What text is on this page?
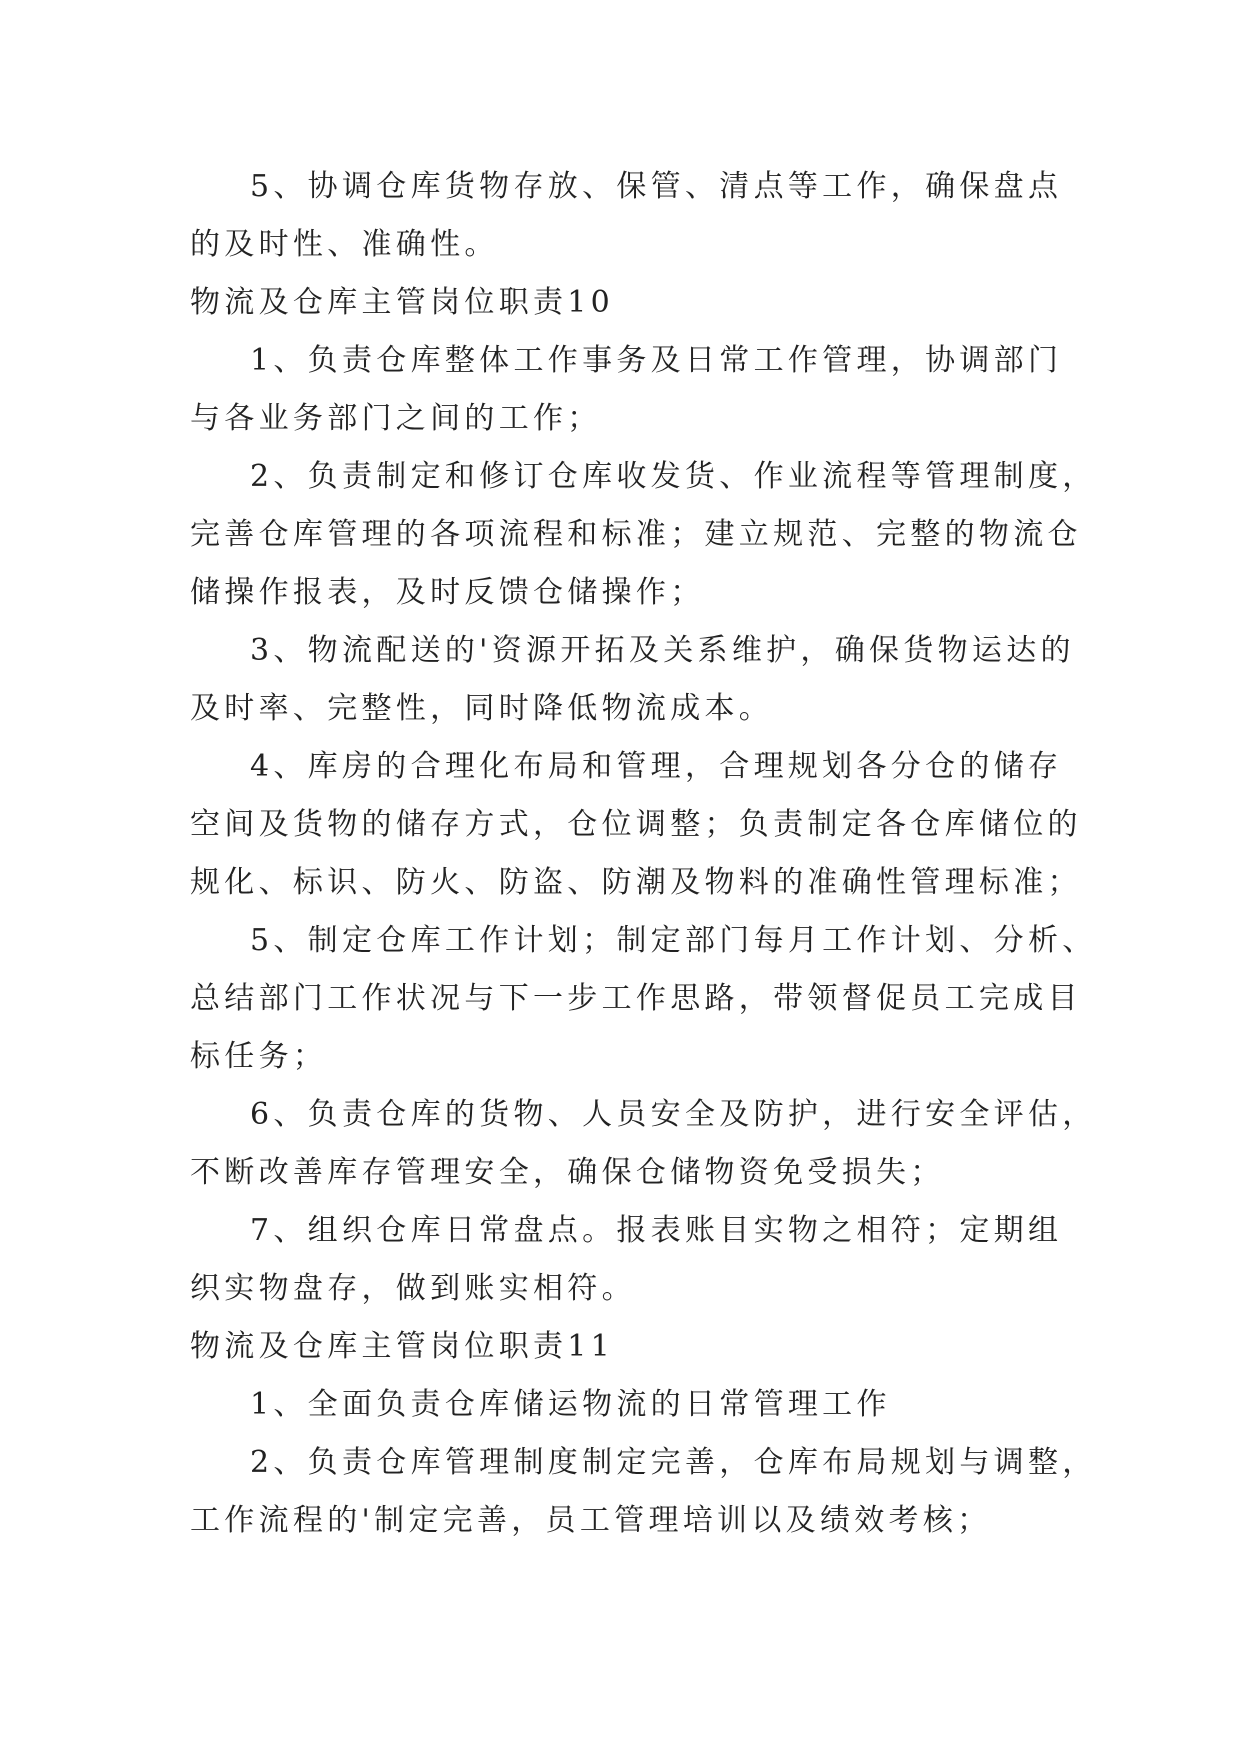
5、协调仓库货物存放、保管、清点等工作，确保盘点
的及时性、准确性。
物流及仓库主管岗位职责10
1、负责仓库整体工作事务及日常工作管理，协调部门
与各业务部门之间的工作；
2、负责制定和修订仓库收发货、作业流程等管理制度，
完善仓库管理的各项流程和标准；建立规范、完整的物流仓
储操作报表，及时反馈仓储操作；
3、物流配送的'资源开拓及关系维护，确保货物运达的
及时率、完整性，同时降低物流成本。
4、库房的合理化布局和管理，合理规划各分仓的储存
空间及货物的储存方式，仓位调整；负责制定各仓库储位的
规化、标识、防火、防盗、防潮及物料的准确性管理标准；
5、制定仓库工作计划；制定部门每月工作计划、分析、
总结部门工作状况与下一步工作思路，带领督促员工完成目
标任务；
6、负责仓库的货物、人员安全及防护，进行安全评估，
不断改善库存管理安全，确保仓储物资免受损失；
7、组织仓库日常盘点。报表账目实物之相符；定期组
织实物盘存，做到账实相符。
物流及仓库主管岗位职责11
1、全面负责仓库储运物流的日常管理工作
2、负责仓库管理制度制定完善，仓库布局规划与调整，
工作流程的'制定完善，员工管理培训以及绩效考核；
